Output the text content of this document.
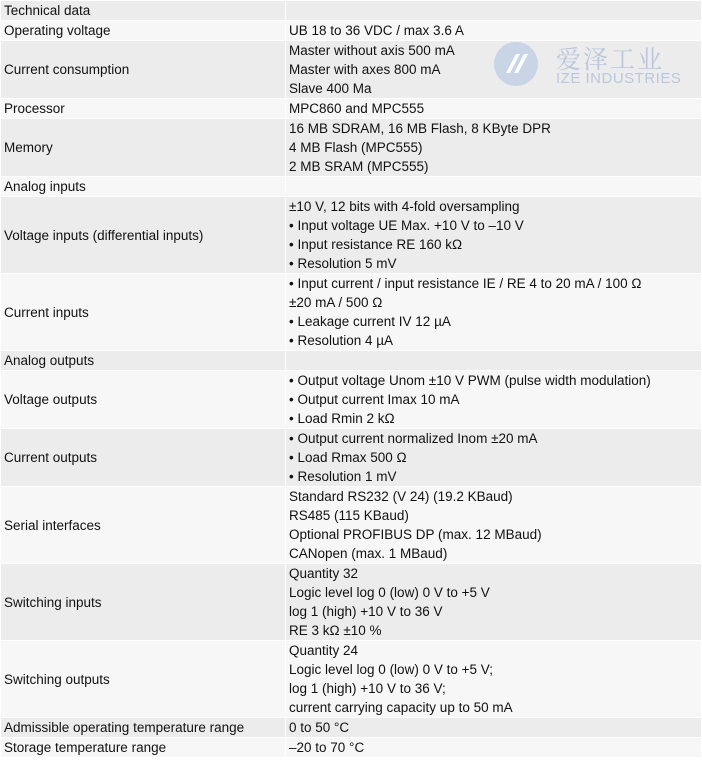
Technical data	
Operating voltage	UB 18 to 36 VDC / max 3.6 A

Current consumption	Master without axis 500 mA
Master with axes 800 mA
Slave 400 Ma

Processor	MPC860 and MPC555

Memory	16 MB SDRAM, 16 MB Flash, 8 KByte DPR
4 MB Flash (MPC555)
2 MB SRAM (MPC555)

Analog inputs	
Voltage inputs (differential inputs)	±10 V, 12 bits with 4-fold oversampling
• Input voltage UE Max. +10 V to –10 V
• Input resistance RE 160 kΩ
• Resolution 5 mV

Current inputs	• Input current / input resistance IE / RE 4 to 20 mA / 100 Ω
±20 mA / 500 Ω
• Leakage current IV 12 µA
• Resolution 4 µA

Analog outputs	
Voltage outputs	• Output voltage Unom ±10 V PWM (pulse width modulation)
• Output current Imax 10 mA
• Load Rmin 2 kΩ

Current outputs	• Output current normalized Inom ±20 mA
• Load Rmax 500 Ω
• Resolution 1 mV

Serial interfaces	Standard RS232 (V 24) (19.2 KBaud)
RS485 (115 KBaud)
Optional PROFIBUS DP (max. 12 MBaud)
CANopen (max. 1 MBaud)

Switching inputs	Quantity 32
Logic level log 0 (low) 0 V to +5 V
log 1 (high) +10 V to 36 V
RE 3 kΩ ±10 %

Switching outputs	Quantity 24
Logic level log 0 (low) 0 V to +5 V;
log 1 (high) +10 V to 36 V;
current carrying capacity up to 50 mA

Admissible operating temperature range	0 to 50 °C

Storage temperature range	–20 to 70 °C
爱泽工业
IZE INDUSTRIES
